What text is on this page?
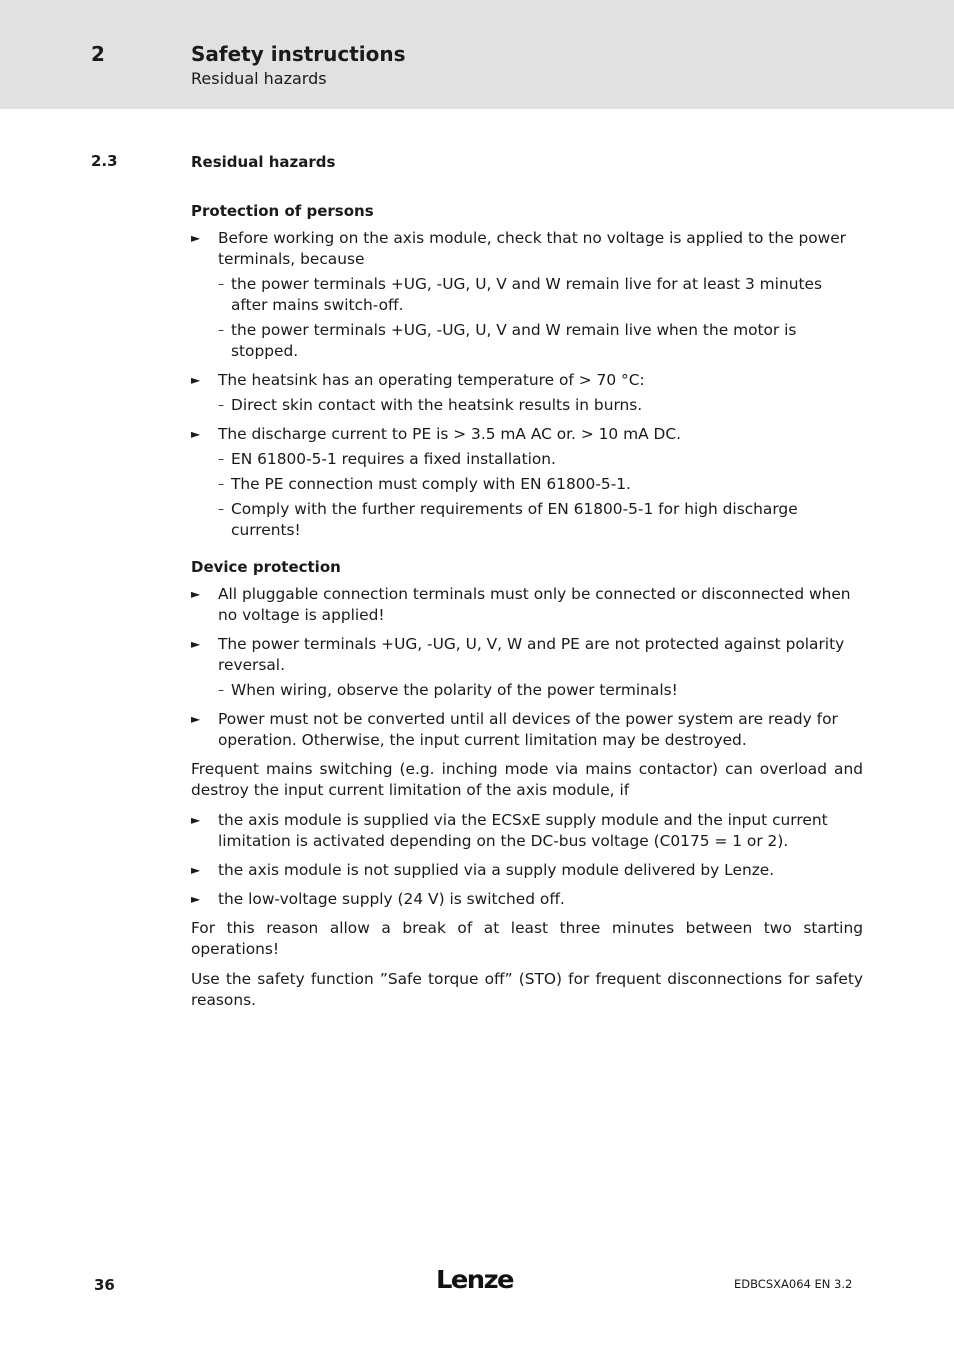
2	Safety instructions
Residual hazards
2.3	Residual hazards
Protection of persons
► Before working on the axis module, check that no voltage is applied to the power terminals, because
– the power terminals +UG, -UG, U, V and W remain live for at least 3 minutes after mains switch-off.
– the power terminals +UG, -UG, U, V and W remain live when the motor is stopped.
► The heatsink has an operating temperature of > 70 °C:
– Direct skin contact with the heatsink results in burns.
► The discharge current to PE is > 3.5 mA AC or. > 10 mA DC.
– EN 61800-5-1 requires a fixed installation.
– The PE connection must comply with EN 61800-5-1.
– Comply with the further requirements of EN 61800-5-1 for high discharge currents!
Device protection
► All pluggable connection terminals must only be connected or disconnected when no voltage is applied!
► The power terminals +UG, -UG, U, V, W and PE are not protected against polarity reversal.
– When wiring, observe the polarity of the power terminals!
► Power must not be converted until all devices of the power system are ready for operation. Otherwise, the input current limitation may be destroyed.

Frequent mains switching (e.g. inching mode via mains contactor) can overload and destroy the input current limitation of the axis module, if

► the axis module is supplied via the ECSxE supply module and the input current limitation is activated depending on the DC-bus voltage (C0175 = 1 or 2).
► the axis module is not supplied via a supply module delivered by Lenze.
► the low-voltage supply (24 V) is switched off.

For this reason allow a break of at least three minutes between two starting operations!

Use the safety function ”Safe torque off” (STO) for frequent disconnections for safety reasons.

36	Lenze	EDBCSXA064 EN 3.2
